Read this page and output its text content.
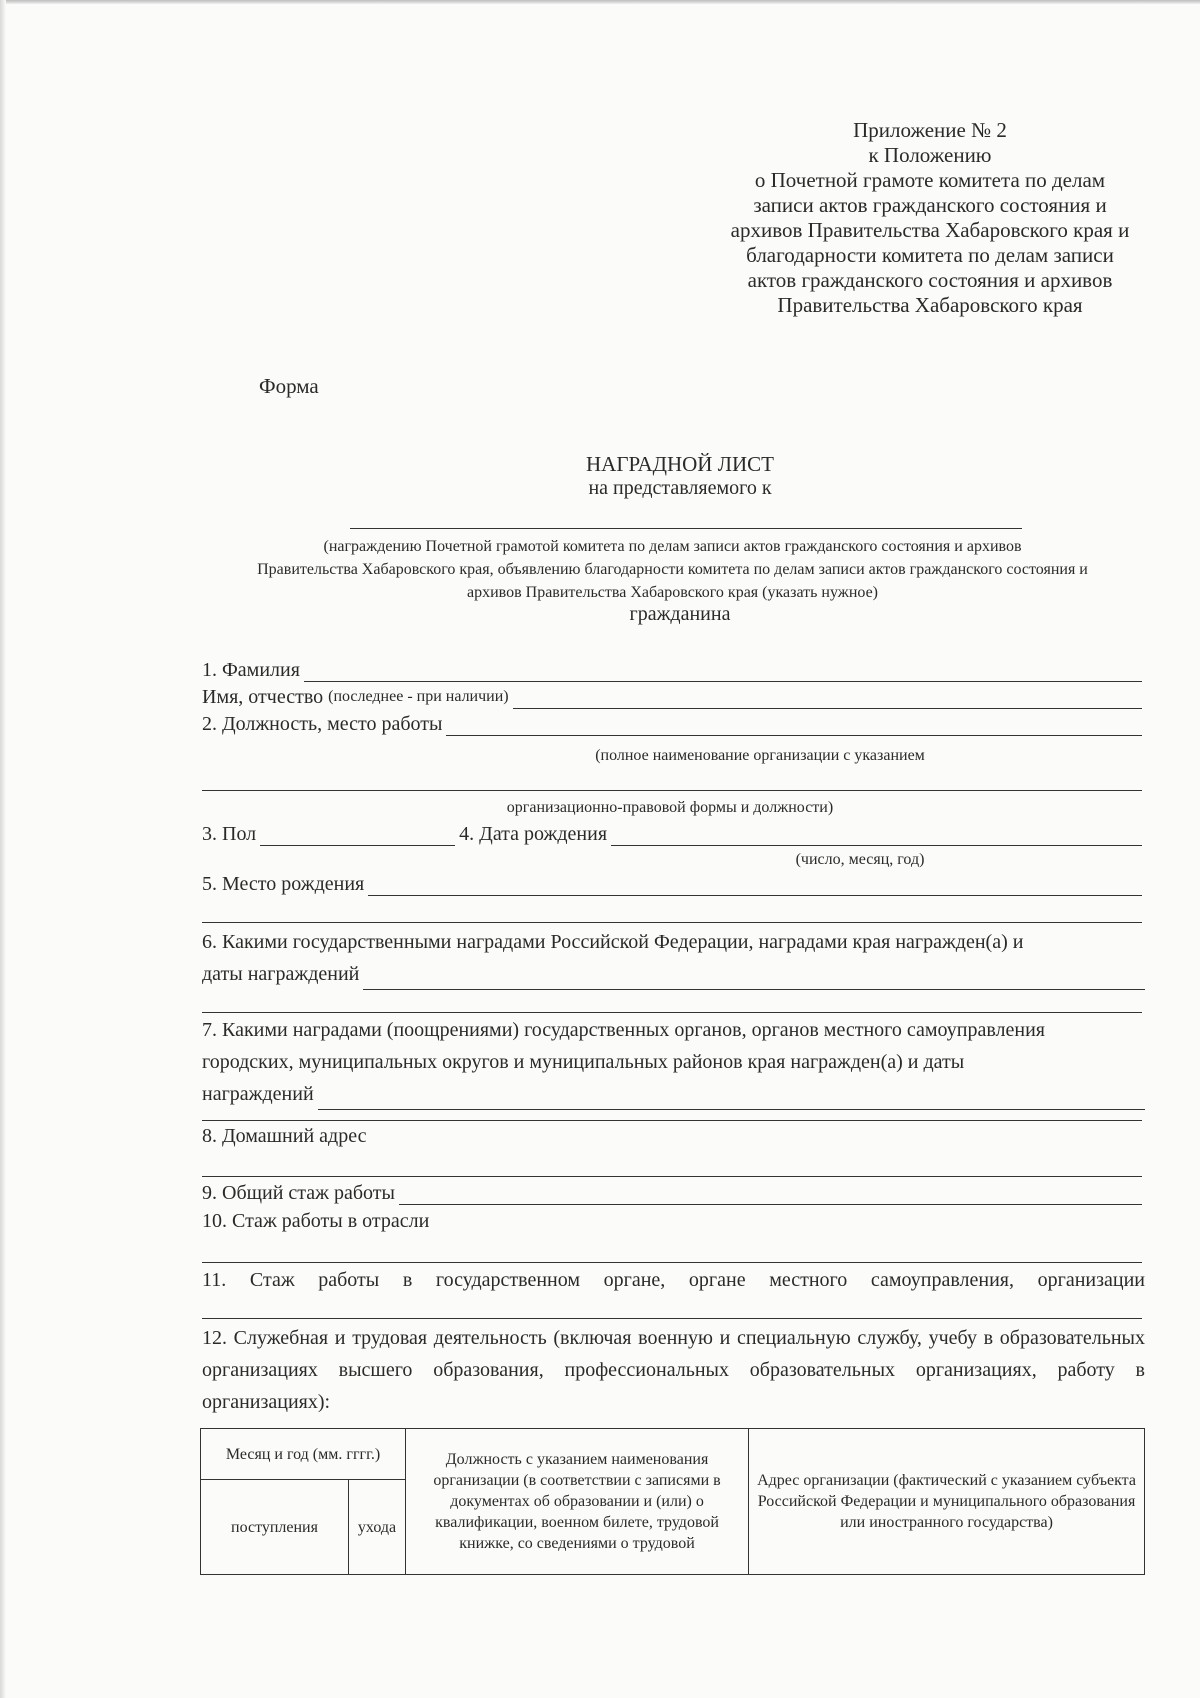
Приложение № 2
к Положению
о Почетной грамоте комитета по делам
записи актов гражданского состояния и
архивов Правительства Хабаровского края и
благодарности комитета по делам записи
актов гражданского состояния и архивов
Правительства Хабаровского края
Форма
НАГРАДНОЙ ЛИСТ
на представляемого к
(награждению Почетной грамотой комитета по делам записи актов гражданского состояния и архивов
Правительства Хабаровского края, объявлению благодарности комитета по делам записи актов гражданского состояния и
архивов Правительства Хабаровского края (указать нужное)
гражданина
1. Фамилия
Имя, отчество (последнее - при наличии)
2. Должность, место работы
(полное наименование организации с указанием
организационно-правовой формы и должности)
3. Пол	4. Дата рождения
(число, месяц, год)
5. Место рождения
6. Какими государственными наградами Российской Федерации, наградами края награжден(а) и
даты награждений
7. Какими наградами (поощрениями) государственных органов, органов местного самоуправления
городских, муниципальных округов и муниципальных районов края награжден(а) и даты
награждений
8. Домашний адрес
9. Общий стаж работы
10. Стаж работы в отрасли
11. Стаж работы в государственном органе, органе местного самоуправления, организации
12. Служебная и трудовая деятельность (включая военную и специальную службу, учебу в образовательных организациях высшего образования, профессиональных образовательных организациях, работу в организациях):
Месяц и год (мм. гггг.)		Должность с указанием наименования организации (в соответствии с записями в документах об образовании и (или) о квалификации, военном билете, трудовой книжке, со сведениями о трудовой	Адрес организации (фактический с указанием субъекта Российской Федерации и муниципального образования или иностранного государства)
поступления	ухода		
